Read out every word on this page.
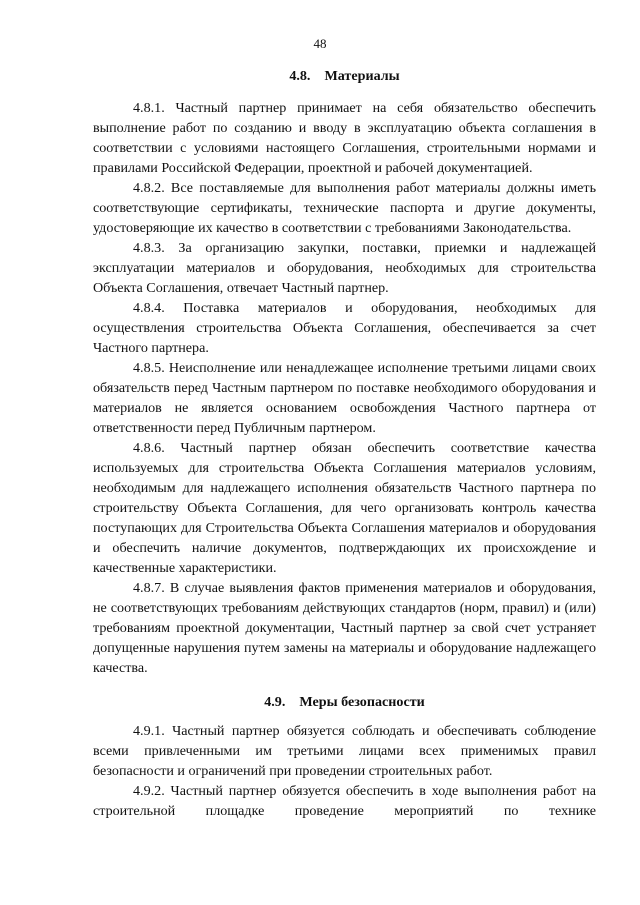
48
4.8. Материалы

4.8.1. Частный партнер принимает на себя обязательство обеспечить выполнение работ по созданию и вводу в эксплуатацию объекта соглашения в соответствии с условиями настоящего Соглашения, строительными нормами и правилами Российской Федерации, проектной и рабочей документацией.

4.8.2. Все поставляемые для выполнения работ материалы должны иметь соответствующие сертификаты, технические паспорта и другие документы, удостоверяющие их качество в соответствии с требованиями Законодательства.

4.8.3. За организацию закупки, поставки, приемки и надлежащей эксплуатации материалов и оборудования, необходимых для строительства Объекта Соглашения, отвечает Частный партнер.

4.8.4. Поставка материалов и оборудования, необходимых для осуществления строительства Объекта Соглашения, обеспечивается за счет Частного партнера.

4.8.5. Неисполнение или ненадлежащее исполнение третьими лицами своих обязательств перед Частным партнером по поставке необходимого оборудования и материалов не является основанием освобождения Частного партнера от ответственности перед Публичным партнером.

4.8.6. Частный партнер обязан обеспечить соответствие качества используемых для строительства Объекта Соглашения материалов условиям, необходимым для надлежащего исполнения обязательств Частного партнера по строительству Объекта Соглашения, для чего организовать контроль качества поступающих для Строительства Объекта Соглашения материалов и оборудования и обеспечить наличие документов, подтверждающих их происхождение и качественные характеристики.

4.8.7. В случае выявления фактов применения материалов и оборудования, не соответствующих требованиям действующих стандартов (норм, правил) и (или) требованиям проектной документации, Частный партнер за свой счет устраняет допущенные нарушения путем замены на материалы и оборудование надлежащего качества.

4.9. Меры безопасности

4.9.1. Частный партнер обязуется соблюдать и обеспечивать соблюдение всеми привлеченными им третьими лицами всех применимых правил безопасности и ограничений при проведении строительных работ.

4.9.2. Частный партнер обязуется обеспечить в ходе выполнения работ на строительной площадке проведение мероприятий по технике
